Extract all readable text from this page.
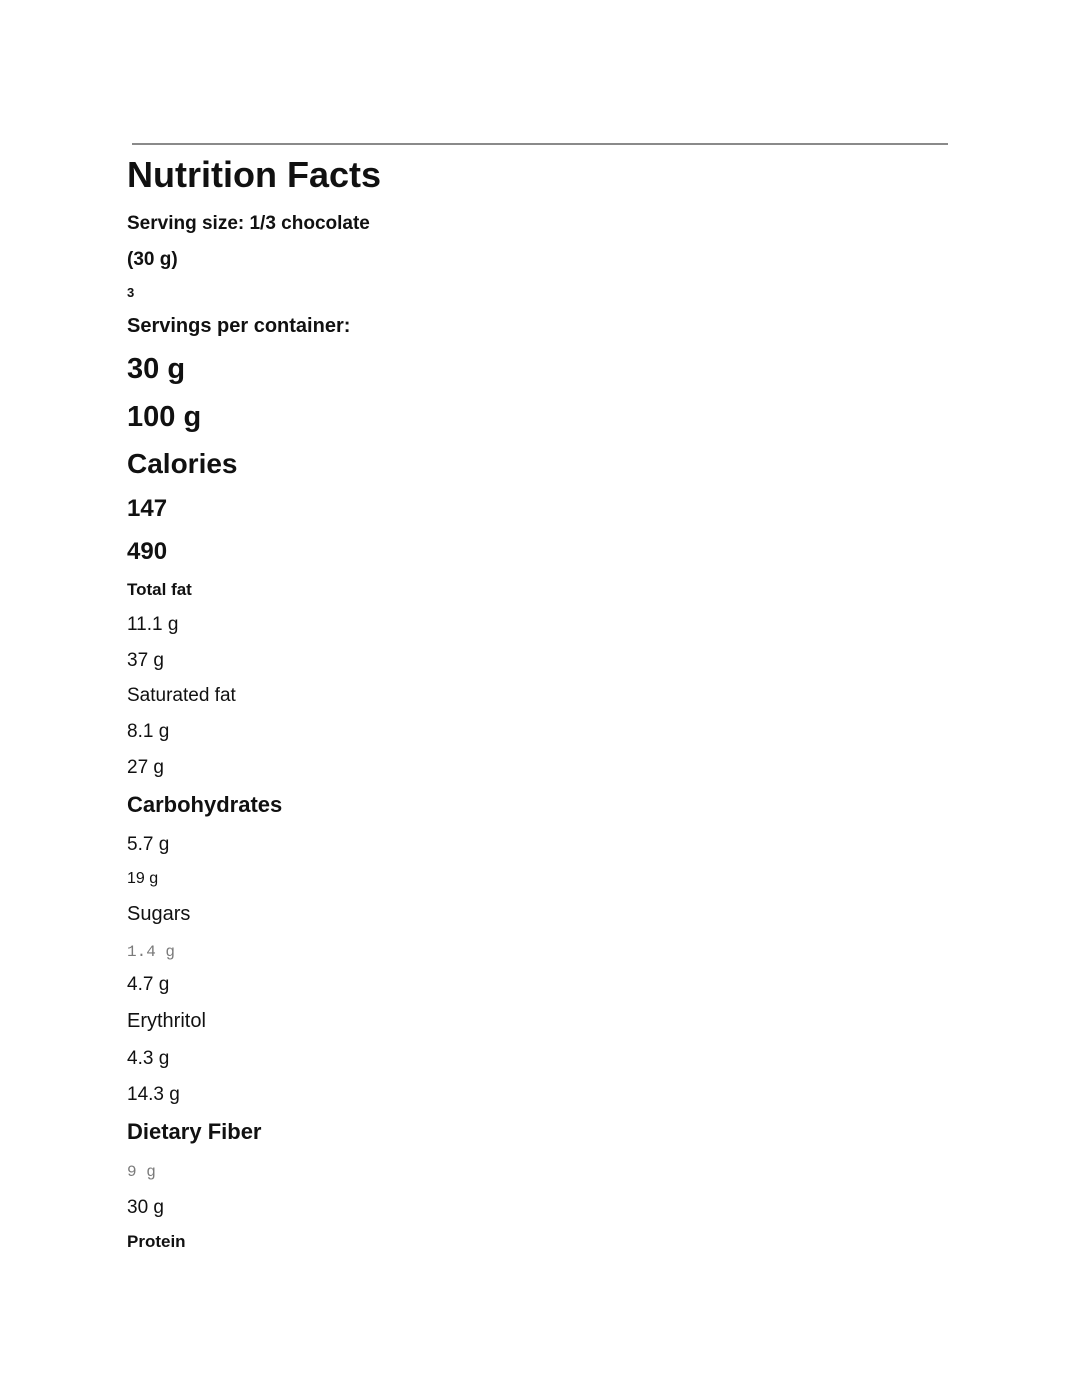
Nutrition Facts
Serving size: 1/3 chocolate
(30 g)
3
Servings per container:
30 g
100 g
Calories
147
490
Total fat
11.1 g
37 g
Saturated fat
8.1 g
27 g
Carbohydrates
5.7 g
19 g
Sugars
1.4 g
4.7 g
Erythritol
4.3 g
14.3 g
Dietary Fiber
9 g
30 g
Protein
